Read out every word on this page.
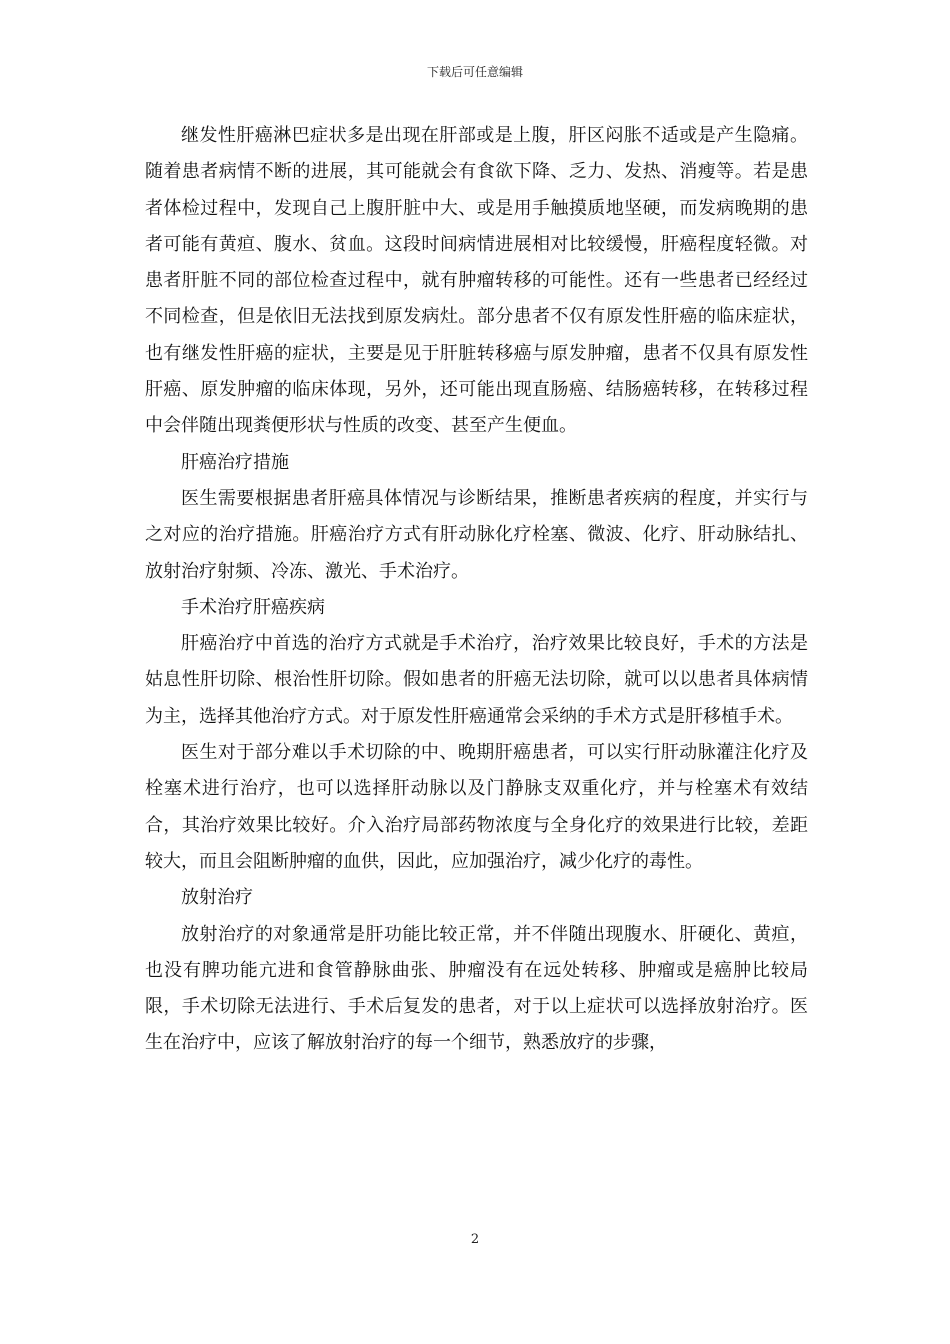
下载后可任意编辑

继发性肝癌淋巴症状多是出现在肝部或是上腹，肝区闷胀不适或是产生隐痛。随着患者病情不断的进展，其可能就会有食欲下降、乏力、发热、消瘦等。若是患者体检过程中，发现自己上腹肝脏中大、或是用手触摸质地坚硬，而发病晚期的患者可能有黄疸、腹水、贫血。这段时间病情进展相对比较缓慢，肝癌程度轻微。对患者肝脏不同的部位检查过程中，就有肿瘤转移的可能性。还有一些患者已经经过不同检查，但是依旧无法找到原发病灶。部分患者不仅有原发性肝癌的临床症状，也有继发性肝癌的症状，主要是见于肝脏转移癌与原发肿瘤，患者不仅具有原发性肝癌、原发肿瘤的临床体现，另外，还可能出现直肠癌、结肠癌转移，在转移过程中会伴随出现粪便形状与性质的改变、甚至产生便血。

肝癌治疗措施

医生需要根据患者肝癌具体情况与诊断结果，推断患者疾病的程度，并实行与之对应的治疗措施。肝癌治疗方式有肝动脉化疗栓塞、微波、化疗、肝动脉结扎、放射治疗射频、冷冻、激光、手术治疗。

手术治疗肝癌疾病

肝癌治疗中首选的治疗方式就是手术治疗，治疗效果比较良好，手术的方法是姑息性肝切除、根治性肝切除。假如患者的肝癌无法切除，就可以以患者具体病情为主，选择其他治疗方式。对于原发性肝癌通常会采纳的手术方式是肝移植手术。

医生对于部分难以手术切除的中、晚期肝癌患者，可以实行肝动脉灌注化疗及栓塞术进行治疗，也可以选择肝动脉以及门静脉支双重化疗，并与栓塞术有效结合，其治疗效果比较好。介入治疗局部药物浓度与全身化疗的效果进行比较，差距较大，而且会阻断肿瘤的血供，因此，应加强治疗，减少化疗的毒性。

放射治疗

放射治疗的对象通常是肝功能比较正常，并不伴随出现腹水、肝硬化、黄疸，也没有脾功能亢进和食管静脉曲张、肿瘤没有在远处转移、肿瘤或是癌肿比较局限，手术切除无法进行、手术后复发的患者，对于以上症状可以选择放射治疗。医生在治疗中，应该了解放射治疗的每一个细节，熟悉放疗的步骤，

2
